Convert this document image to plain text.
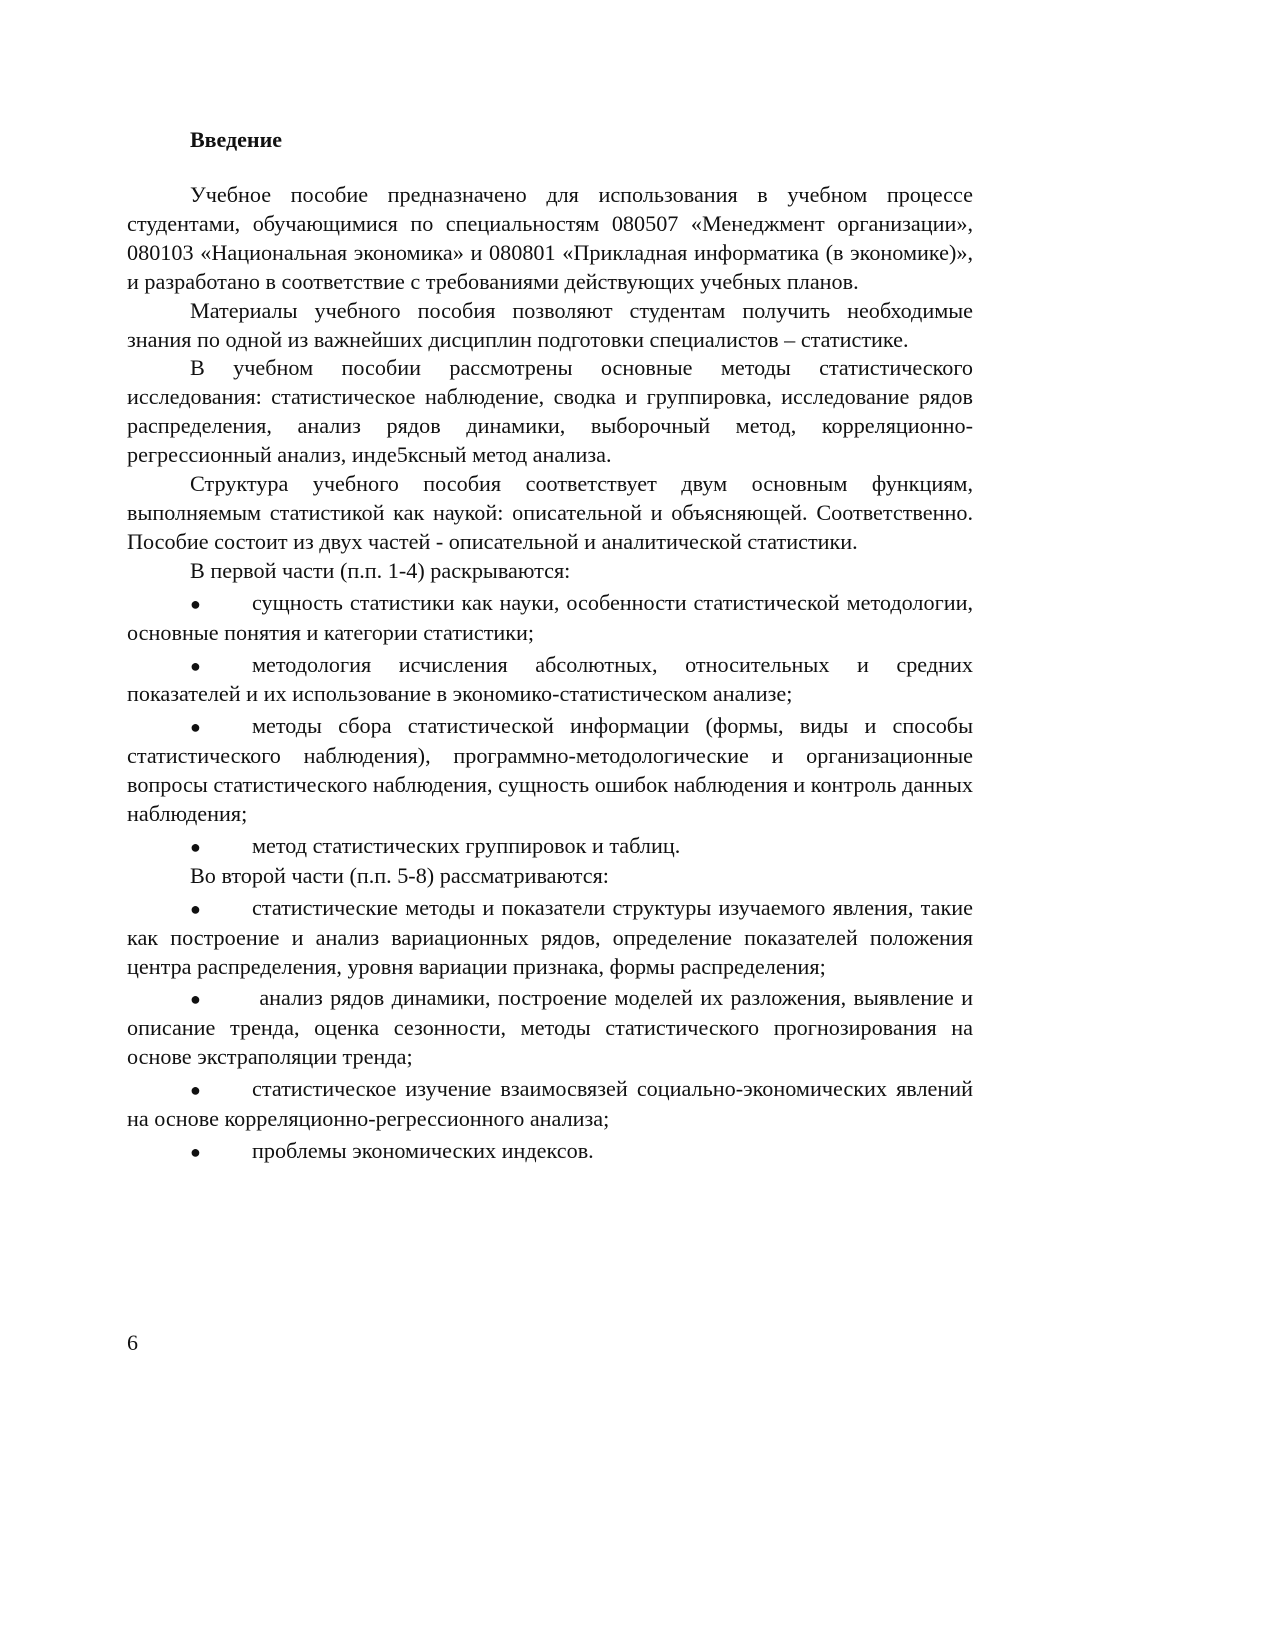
Введение

Учебное пособие предназначено для использования в учебном процессе студентами, обучающимися по специальностям 080507 «Менеджмент организации», 080103 «Национальная экономика» и 080801 «Прикладная информатика (в экономике)», и разработано в соответствие с требованиями действующих учебных планов.

Материалы учебного пособия позволяют студентам получить необходимые знания по одной из важнейших дисциплин подготовки специалистов – статистике.

В учебном пособии рассмотрены основные методы статистического исследования: статистическое наблюдение, сводка и группировка, исследование рядов распределения, анализ рядов динамики, выборочный метод, корреляционно-регрессионный анализ, инде5ксный метод анализа.

Структура учебного пособия соответствует двум основным функциям, выполняемым статистикой как наукой: описательной и объясняющей. Соответственно. Пособие состоит из двух частей - описательной и аналитической статистики.

В первой части (п.п. 1-4) раскрываются:

● сущность статистики как науки, особенности статистической методологии, основные понятия и категории статистики;
● методология исчисления абсолютных, относительных и средних показателей и их использование в экономико-статистическом анализе;
● методы сбора статистической информации (формы, виды и способы статистического наблюдения), программно-методологические и организационные вопросы статистического наблюдения, сущность ошибок наблюдения и контроль данных наблюдения;
● метод статистических группировок и таблиц.

Во второй части (п.п. 5-8) рассматриваются:

● статистические методы и показатели структуры изучаемого явления, такие как построение и анализ вариационных рядов, определение показателей положения центра распределения, уровня вариации признака, формы распределения;
● анализ рядов динамики, построение моделей их разложения, выявление и описание тренда, оценка сезонности, методы статистического прогнозирования на основе экстраполяции тренда;
● статистическое изучение взаимосвязей социально-экономических явлений на основе корреляционно-регрессионного анализа;
● проблемы экономических индексов.
6
